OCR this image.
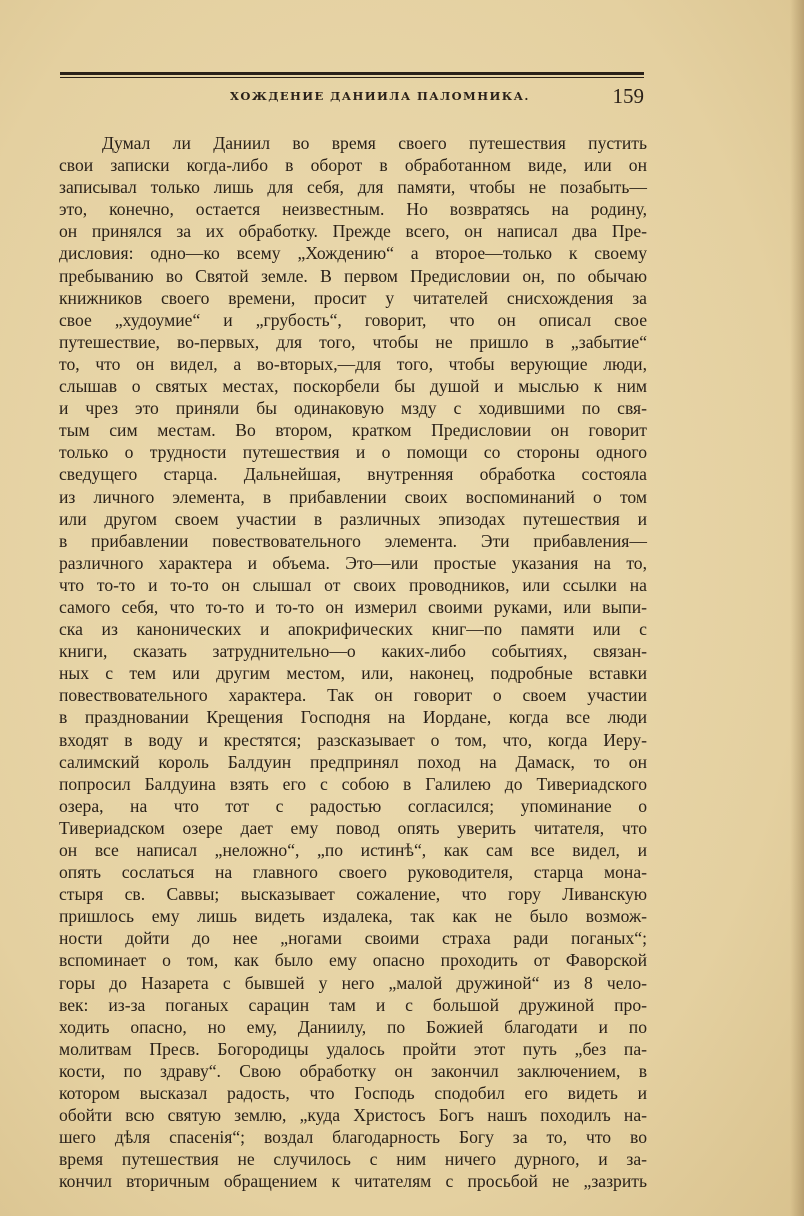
ХОЖДЕНИЕ ДАНИИЛА ПАЛОМНИКА.	159
Думал ли Даниил во время своего путешествия пустить
свои записки когда-либо в оборот в обработанном виде, или он
записывал только лишь для себя, для памяти, чтобы не позабыть—
это, конечно, остается неизвестным. Но возвратясь на родину,
он принялся за их обработку. Прежде всего, он написал два Пре-
дисловия: одно—ко всему „Хождению“ а второе—только к своему
пребыванию во Святой земле. В первом Предисловии он, по обычаю
книжников своего времени, просит у читателей снисхождения за
свое „худоумие“ и „грубость“, говорит, что он описал свое
путешествие, во-первых, для того, чтобы не пришло в „забытие“
то, что он видел, а во-вторых,—для того, чтобы верующие люди,
слышав о святых местах, поскорбели бы душой и мыслью к ним
и чрез это приняли бы одинаковую мзду с ходившими по свя-
тым сим местам. Во втором, кратком Предисловии он говорит
только о трудности путешествия и о помощи со стороны одного
сведущего старца. Дальнейшая, внутренняя обработка состояла
из личного элемента, в прибавлении своих воспоминаний о том
или другом своем участии в различных эпизодах путешествия и
в прибавлении повествовательного элемента. Эти прибавления—
различного характера и объема. Это—или простые указания на то,
что то-то и то-то он слышал от своих проводников, или ссылки на
самого себя, что то-то и то-то он измерил своими руками, или выпи-
ска из канонических и апокрифических книг—по памяти или с
книги, сказать затруднительно—о каких-либо событиях, связан-
ных с тем или другим местом, или, наконец, подробные вставки
повествовательного характера. Так он говорит о своем участии
в праздновании Крещения Господня на Иордане, когда все люди
входят в воду и крестятся; разсказывает о том, что, когда Иеру-
салимский король Балдуин предпринял поход на Дамаск, то он
попросил Балдуина взять его с собою в Галилею до Тивериадского
озера, на что тот с радостью согласился; упоминание о
Тивериадском озере дает ему повод опять уверить читателя, что
он все написал „неложно“, „по истинѣ“, как сам все видел, и
опять сослаться на главного своего руководителя, старца мона-
стыря св. Саввы; высказывает сожаление, что гору Ливанскую
пришлось ему лишь видеть издалека, так как не было возмож-
ности дойти до нее „ногами своими страха ради поганых“;
вспоминает о том, как было ему опасно проходить от Фаворской
горы до Назарета с бывшей у него „малой дружиной“ из 8 чело-
век: из-за поганых сарацин там и с большой дружиной про-
ходить опасно, но ему, Даниилу, по Божией благодати и по
молитвам Пресв. Богородицы удалось пройти этот путь „без па-
кости, по здраву“. Свою обработку он закончил заключением, в
котором высказал радость, что Господь сподобил его видеть и
обойти всю святую землю, „куда Христосъ Богъ нашъ походилъ на-
шего дѣля спасенія“; воздал благодарность Богу за то, что во
время путешествия не случилось с ним ничего дурного, и за-
кончил вторичным обращением к читателям с просьбой не „зазрить
